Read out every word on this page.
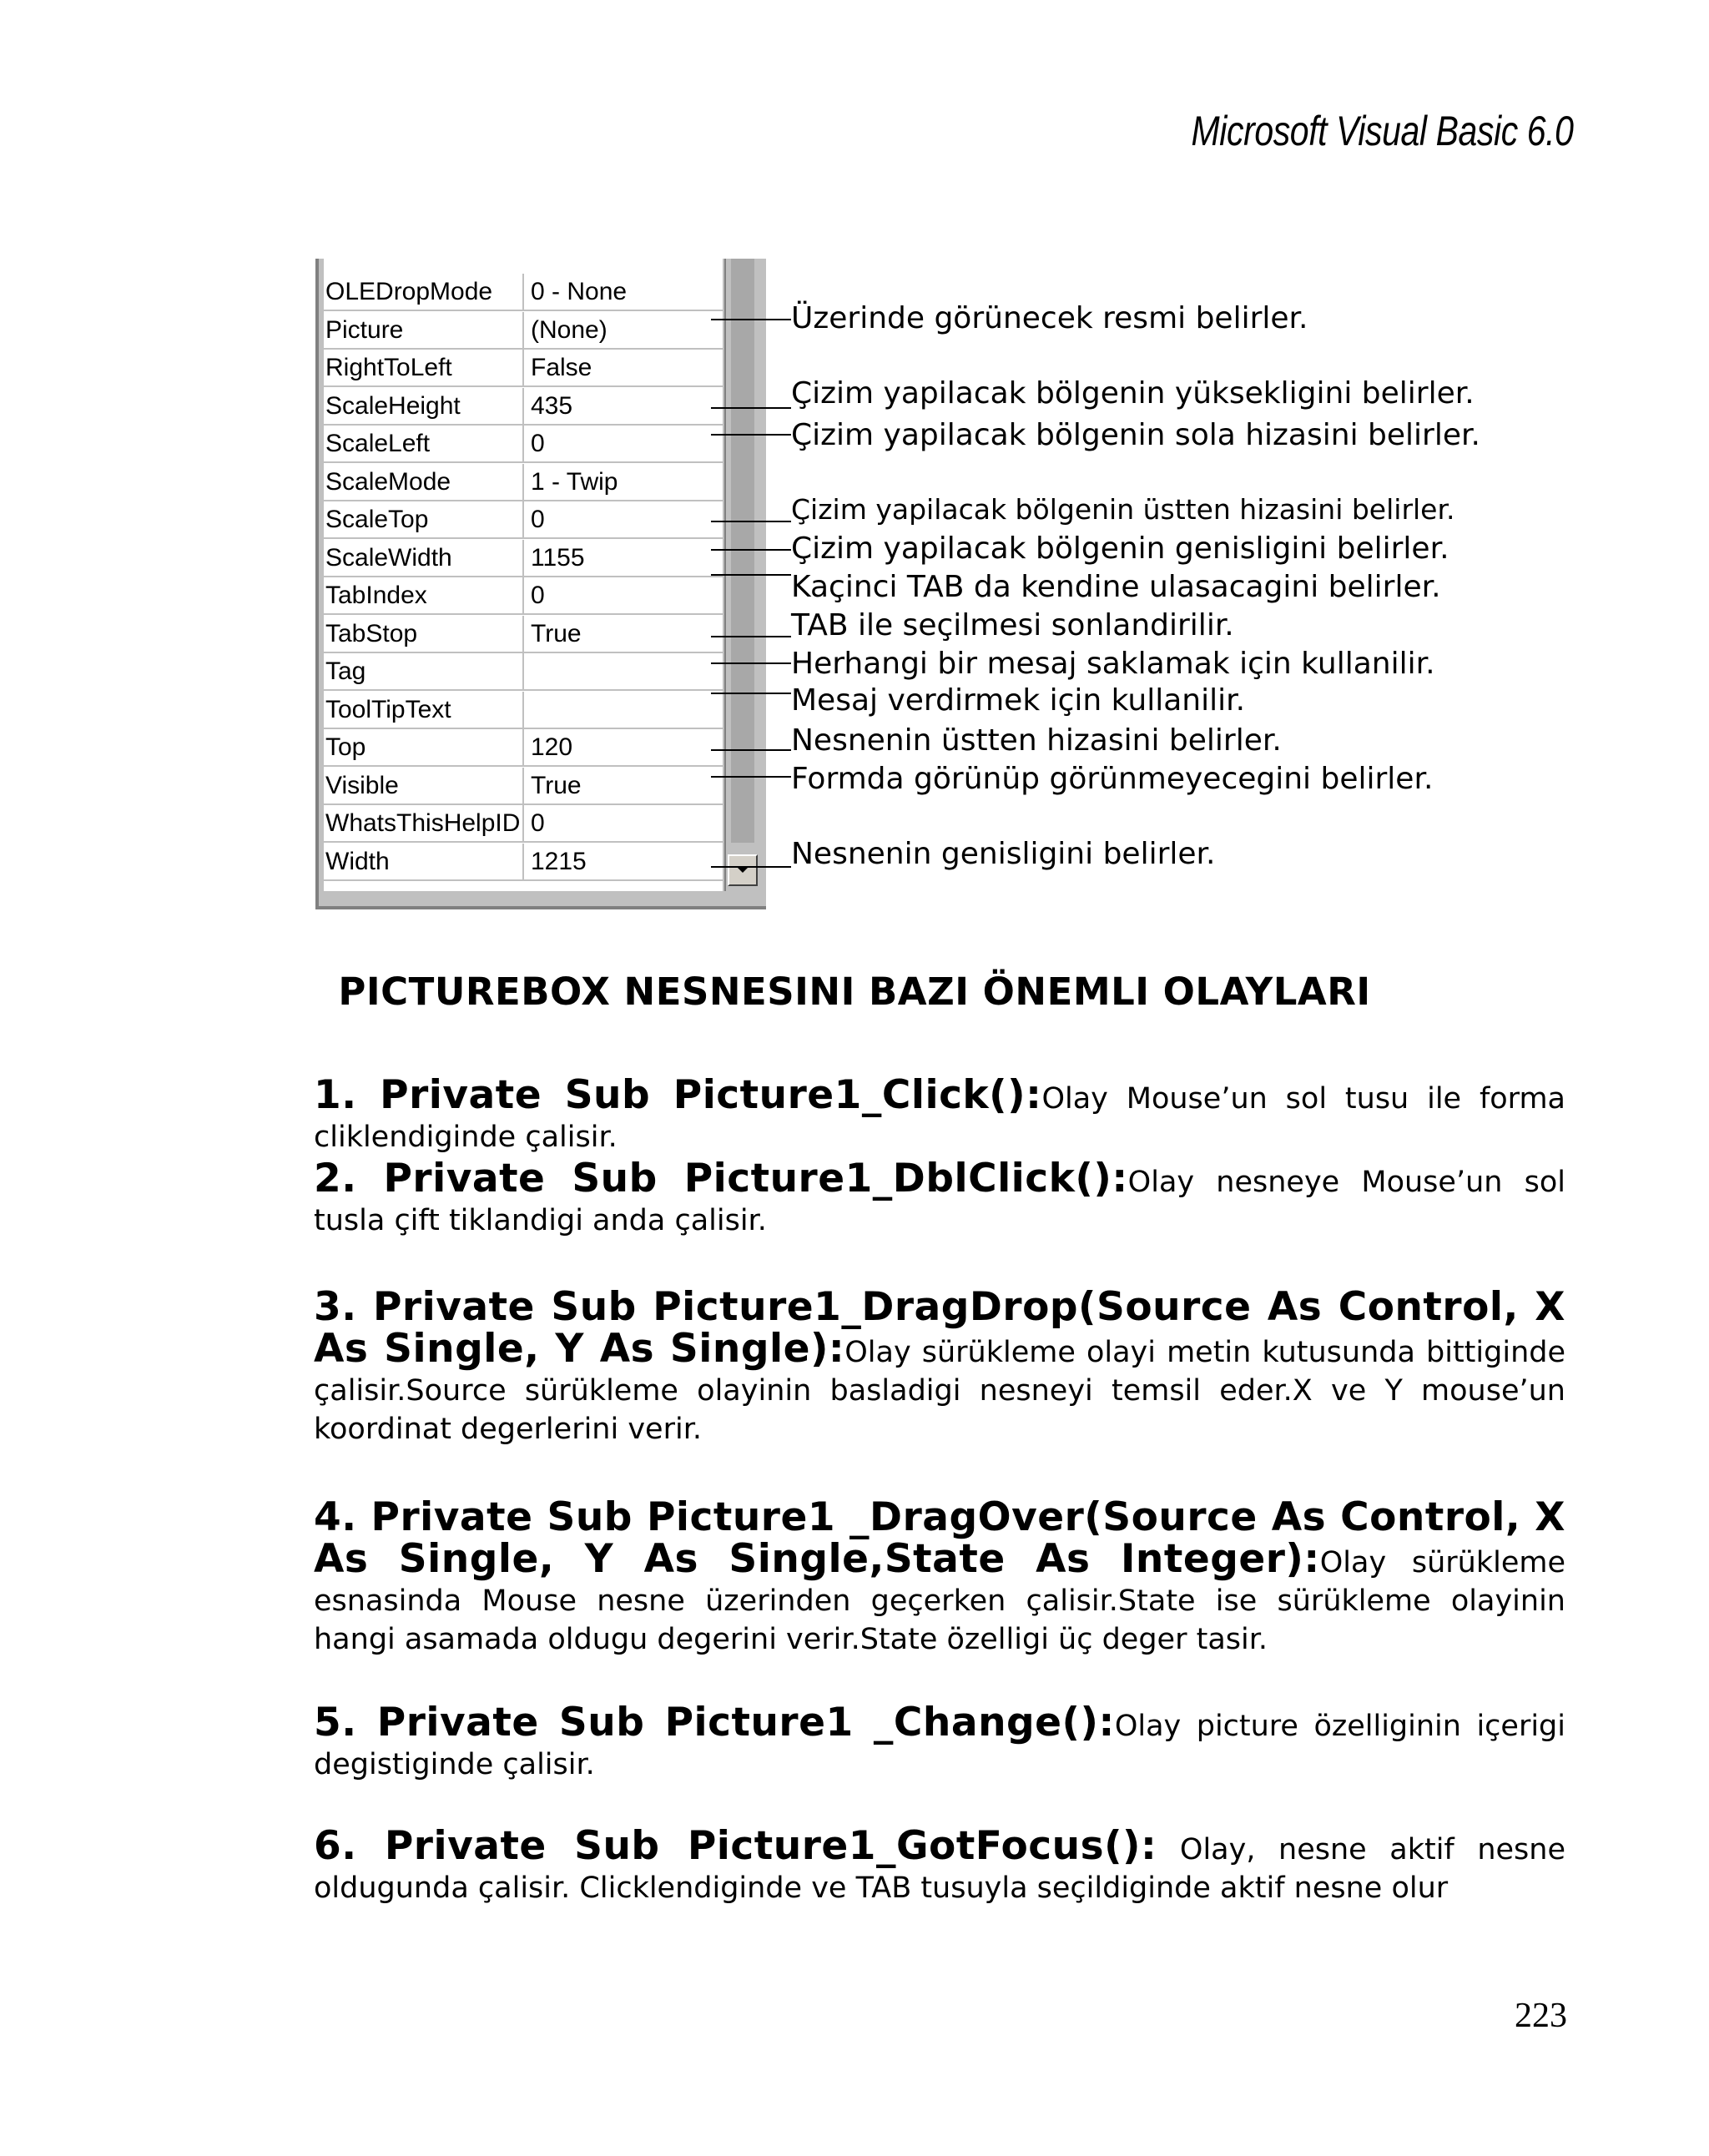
Microsoft Visual Basic 6.0
OLEDropMode	0 - None
Picture	(None)
RightToLeft	False
ScaleHeight	435
ScaleLeft	0
ScaleMode	1 - Twip
ScaleTop	0
ScaleWidth	1155
TabIndex	0
TabStop	True
Tag
ToolTipText
Top	120
Visible	True
WhatsThisHelpID 0
Width	1215
Üzerinde görünecek resmi belirler.
Çizim yapilacak bölgenin yüksekligini belirler.
Çizim yapilacak bölgenin sola hizasini belirler.
Çizim yapilacak bölgenin üstten hizasini belirler.
Çizim yapilacak bölgenin genisligini belirler.
Kaçinci TAB da kendine ulasacagini belirler.
TAB ile seçilmesi sonlandirilir.
Herhangi bir mesaj saklamak için kullanilir.
Mesaj verdirmek için kullanilir.
Nesnenin üstten hizasini belirler.
Formda görünüp görünmeyecegini belirler.
Nesnenin genisligini belirler.
PICTUREBOX NESNESINI BAZI ÖNEMLI OLAYLARI
1. Private Sub Picture1_Click():Olay Mouse’un sol tusu ile forma cliklendiginde çalisir.
2. Private Sub Picture1_DblClick():Olay nesneye Mouse’un sol tusla çift tiklandigi anda çalisir.
3. Private Sub Picture1_DragDrop(Source As Control, X As Single, Y As Single):Olay sürükleme olayi metin kutusunda bittiginde çalisir.Source sürükleme olayinin basladigi nesneyi temsil eder.X ve Y mouse’un koordinat degerlerini verir.
4. Private Sub Picture1 _DragOver(Source As Control, X As Single, Y As Single,State As Integer):Olay sürükleme esnasinda Mouse nesne üzerinden geçerken çalisir.State ise sürükleme olayinin hangi asamada oldugu degerini verir.State özelligi üç deger tasir.
5. Private Sub Picture1 _Change():Olay picture özelliginin içerigi degistiginde çalisir.
6. Private Sub Picture1_GotFocus(): Olay, nesne aktif nesne oldugunda çalisir. Clicklendiginde ve TAB tusuyla seçildiginde aktif nesne olur
223
